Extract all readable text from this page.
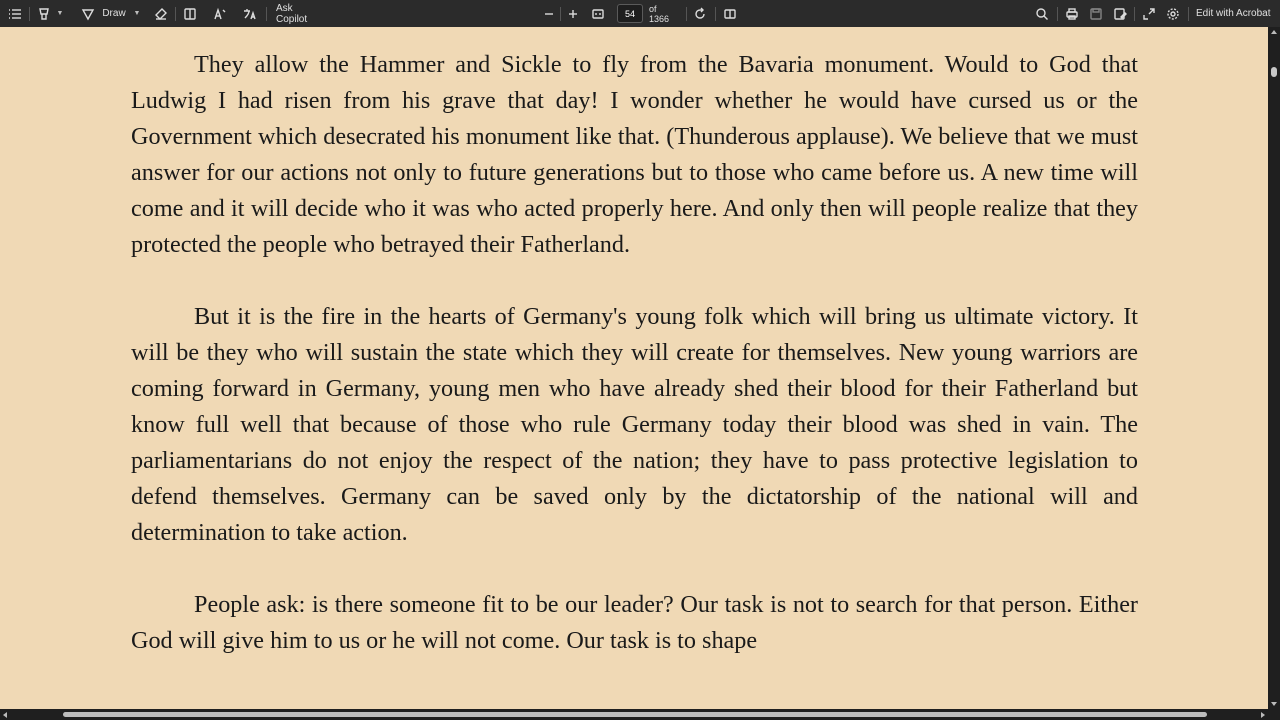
▼	Draw ▼	Ask Copilot	54	of 1366	Edit with Acrobat

They allow the Hammer and Sickle to fly from the Bavaria monument. Would to God that Ludwig I had risen from his grave that day! I wonder whether he would have cursed us or the Government which desecrated his monument like that. (Thunderous applause). We believe that we must answer for our actions not only to future generations but to those who came before us. A new time will come and it will decide who it was who acted properly here. And only then will people realize that they protected the people who betrayed their Fatherland.

But it is the fire in the hearts of Germany's young folk which will bring us ultimate victory. It will be they who will sustain the state which they will create for themselves. New young warriors are coming forward in Germany, young men who have already shed their blood for their Fatherland but know full well that because of those who rule Germany today their blood was shed in vain. The parliamentarians do not enjoy the respect of the nation; they have to pass protective legislation to defend themselves. Germany can be saved only by the dictatorship of the national will and determination to take action.

People ask: is there someone fit to be our leader? Our task is not to search for that person. Either God will give him to us or he will not come. Our task is to shape
